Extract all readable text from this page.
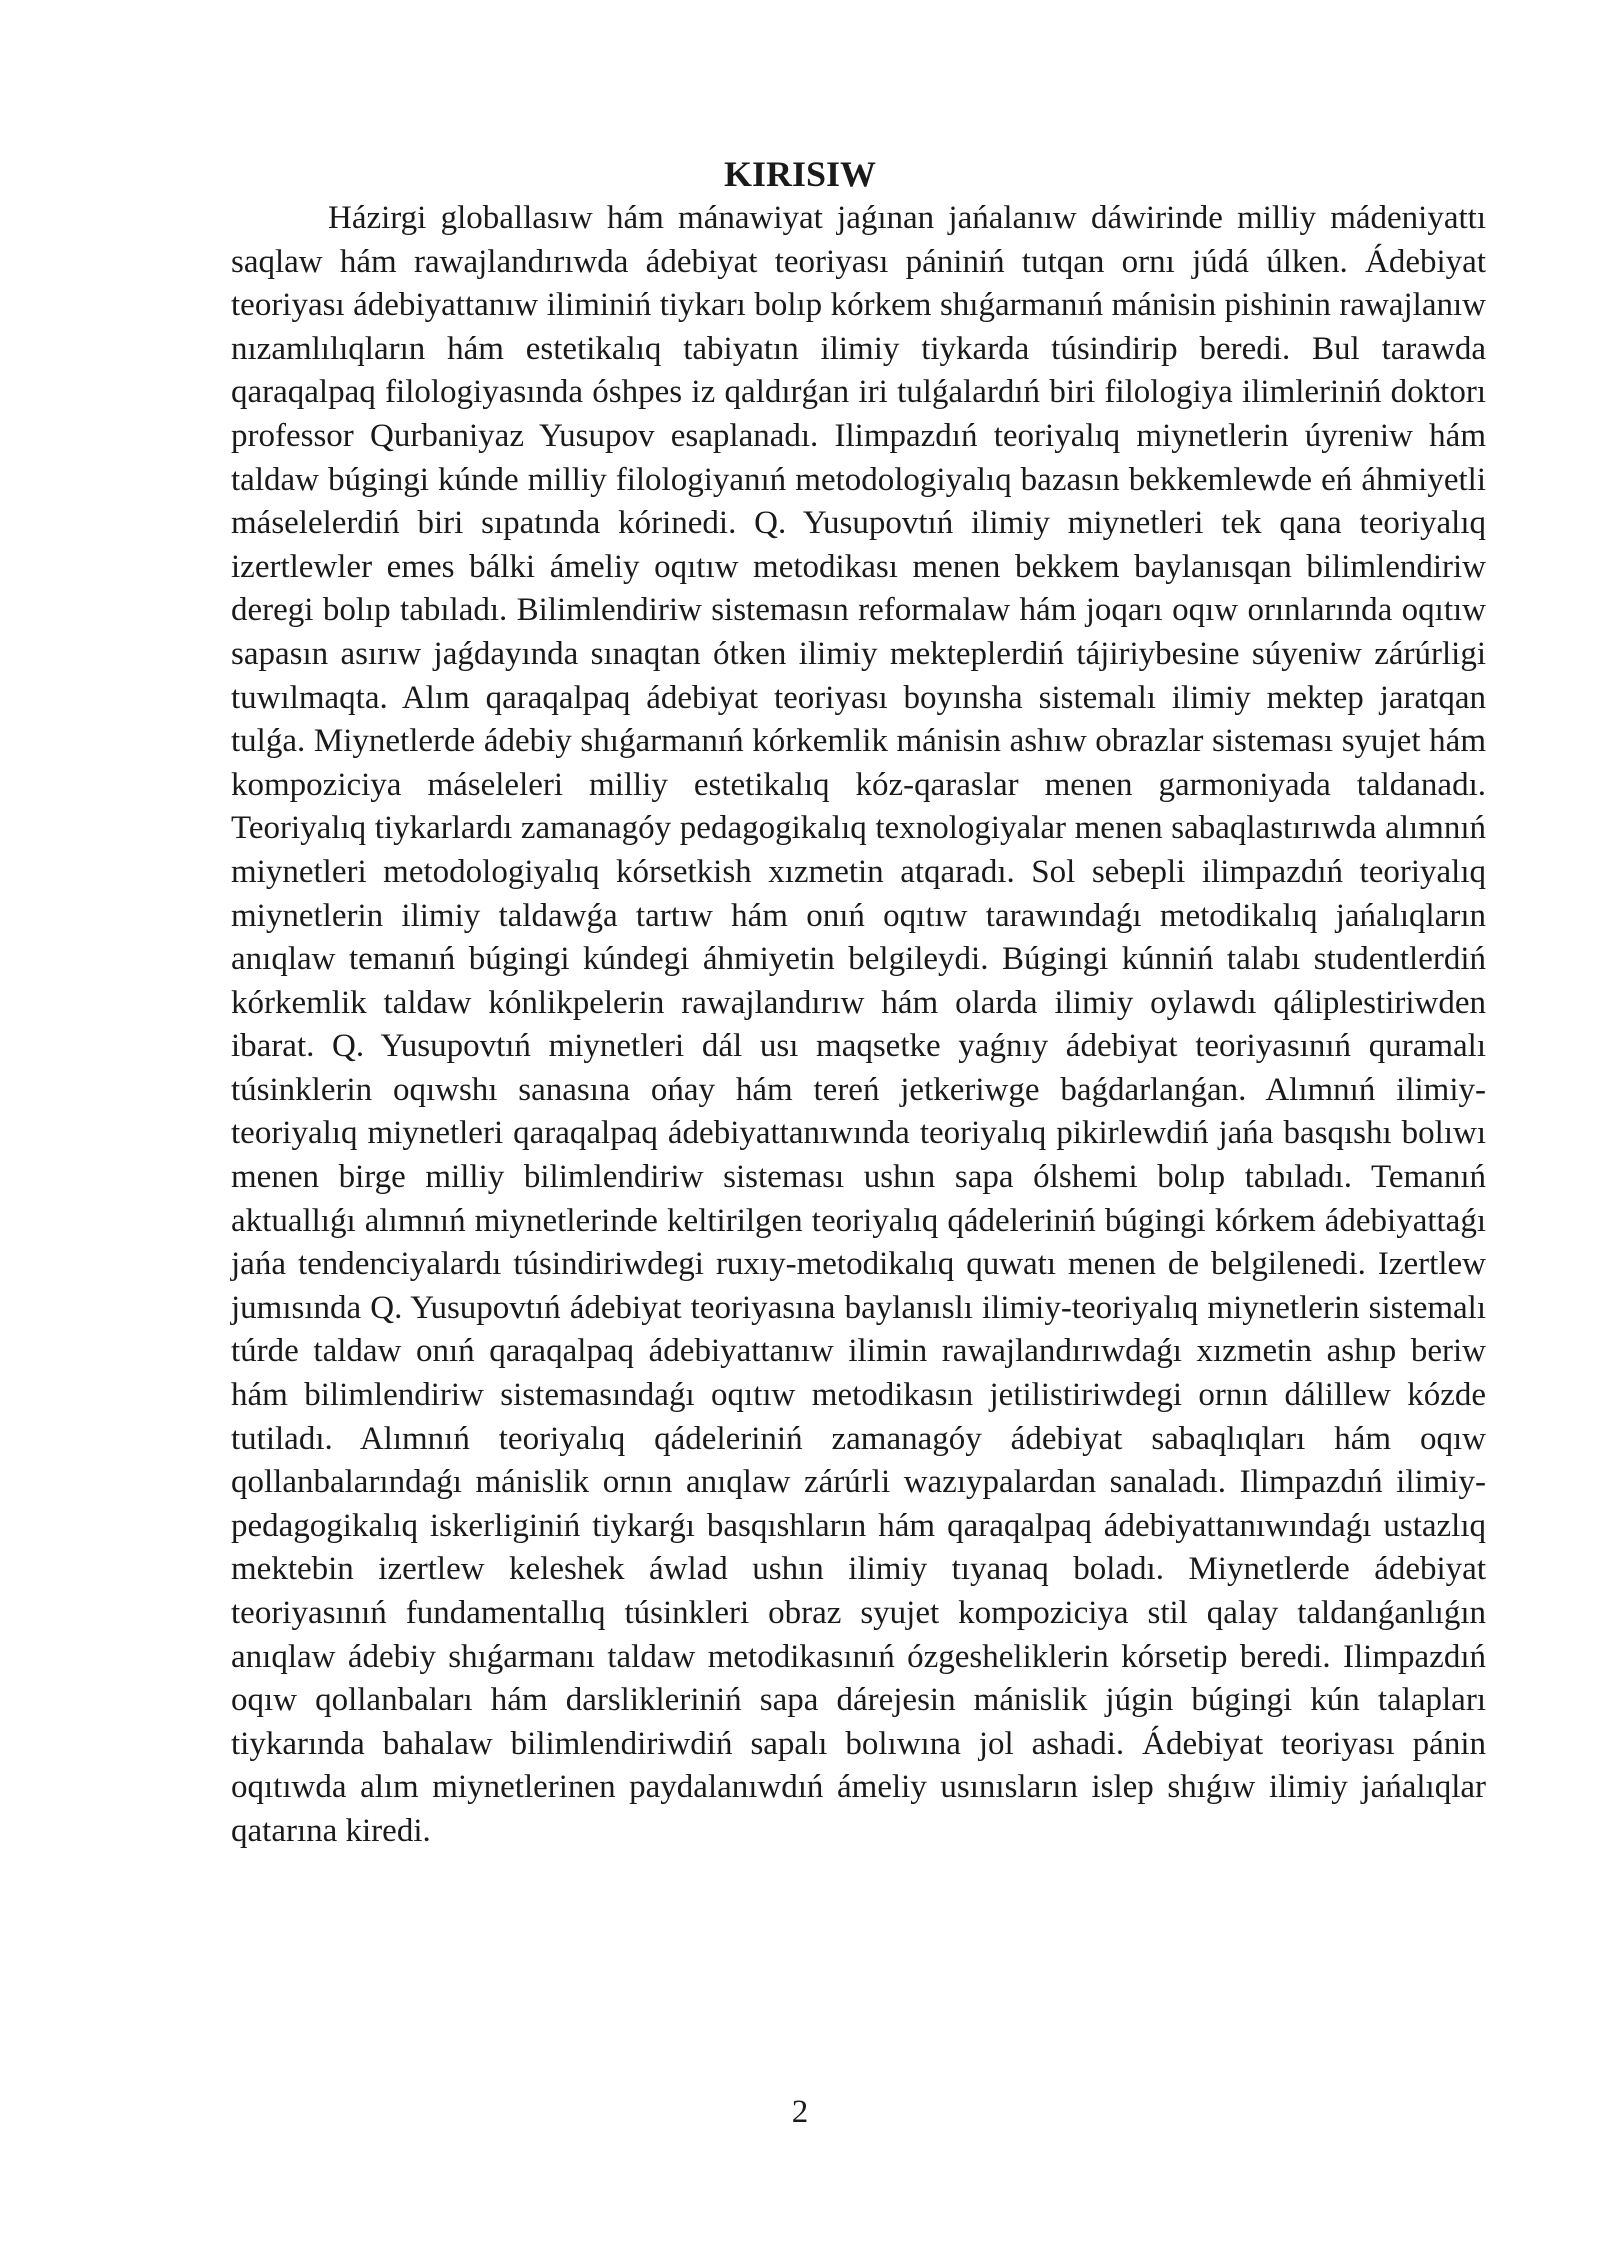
KIRISIW

Házirgi globallasıw hám mánawiyat jaǵınan jańalanıw dáwirinde milliy mádeniyattı saqlaw hám rawajlandırıwda ádebiyat teoriyası pániniń tutqan ornı júdá úlken. Ádebiyat teoriyası ádebiyattanıw iliminiń tiykarı bolıp kórkem shıǵarmanıń mánisin pishinin rawajlanıw nızamlılıqların hám estetikalıq tabiyatın ilimiy tiykarda túsindirip beredi. Bul tarawda qaraqalpaq filologiyasında óshpes iz qaldırǵan iri tulǵalardıń biri filologiya ilimleriniń doktorı professor Qurbaniyaz Yusupov esaplanadı. Ilimpazdıń teoriyalıq miynetlerin úyreniw hám taldaw búgingi kúnde milliy filologiyanıń metodologiyalıq bazasın bekkemlewde eń áhmiyetli máselelerdiń biri sıpatında kórinedi. Q. Yusupovtıń ilimiy miynetleri tek qana teoriyalıq izertlewler emes bálki ámeliy oqıtıw metodikası menen bekkem baylanısqan bilimlendiriw deregi bolıp tabıladı. Bilimlendiriw sistemasın reformalaw hám joqarı oqıw orınlarında oqıtıw sapasın asırıw jaǵdayında sınaqtan ótken ilimiy mekteplerdiń tájiriybesine súyeniw zárúrligi tuwılmaqta. Alım qaraqalpaq ádebiyat teoriyası boyınsha sistemalı ilimiy mektep jaratqan tulǵa. Miynetlerde ádebiy shıǵarmanıń kórkemlik mánisin ashıw obrazlar sisteması syujet hám kompoziciya máseleleri milliy estetikalıq kóz-qaraslar menen garmoniyada taldanadı. Teoriyalıq tiykarlardı zamanagóy pedagogikalıq texnologiyalar menen sabaqlastırıwda alımnıń miynetleri metodologiyalıq kórsetkish xızmetin atqaradı. Sol sebepli ilimpazdıń teoriyalıq miynetlerin ilimiy taldawǵa tartıw hám onıń oqıtıw tarawındaǵı metodikalıq jańalıqların anıqlaw temanıń búgingi kúndegi áhmiyetin belgileydi. Búgingi kúnniń talabı studentlerdiń kórkemlik taldaw kónlikpelerin rawajlandırıw hám olarda ilimiy oylawdı qáliplestiriwden ibarat. Q. Yusupovtıń miynetleri dál usı maqsetke yaǵnıy ádebiyat teoriyasınıń quramalı túsinklerin oqıwshı sanasına ońay hám tereń jetkeriwge baǵdarlanǵan. Alımnıń ilimiy-teoriyalıq miynetleri qaraqalpaq ádebiyattanıwında teoriyalıq pikirlewdiń jańa basqıshı bolıwı menen birge milliy bilimlendiriw sisteması ushın sapa ólshemi bolıp tabıladı. Temanıń aktuallıǵı alımnıń miynetlerinde keltirilgen teoriyalıq qádeleriniń búgingi kórkem ádebiyattaǵı jańa tendenciyalardı túsindiriwdegi ruxıy-metodikalıq quwatı menen de belgilenedi. Izertlew jumısında Q. Yusupovtıń ádebiyat teoriyasına baylanıslı ilimiy-teoriyalıq miynetlerin sistemalı túrde taldaw onıń qaraqalpaq ádebiyattanıw ilimin rawajlandırıwdaǵı xızmetin ashıp beriw hám bilimlendiriw sistemasındaǵı oqıtıw metodikasın jetilistiriwdegi ornın dálillew kózde tutiladı. Alımnıń teoriyalıq qádeleriniń zamanagóy ádebiyat sabaqlıqları hám oqıw qollanbalarındaǵı mánislik ornın anıqlaw zárúrli wazıypalardan sanaladı. Ilimpazdıń ilimiy-pedagogikalıq iskerliginiń tiykarǵı basqıshların hám qaraqalpaq ádebiyattanıwındaǵı ustazlıq mektebin izertlew keleshek áwlad ushın ilimiy tıyanaq boladı. Miynetlerde ádebiyat teoriyasınıń fundamentallıq túsinkleri obraz syujet kompoziciya stil qalay taldanǵanlıǵın anıqlaw ádebiy shıǵarmanı taldaw metodikasınıń ózgesheliklerin kórsetip beredi. Ilimpazdıń oqıw qollanbaları hám darslikleriniń sapa dárejesin mánislik júgin búgingi kún talapları tiykarında bahalaw bilimlendiriwdiń sapalı bolıwına jol ashadi. Ádebiyat teoriyası pánin oqıtıwda alım miynetlerinen paydalanıwdıń ámeliy usınısların islep shıǵıw ilimiy jańalıqlar qatarına kiredi.

2
